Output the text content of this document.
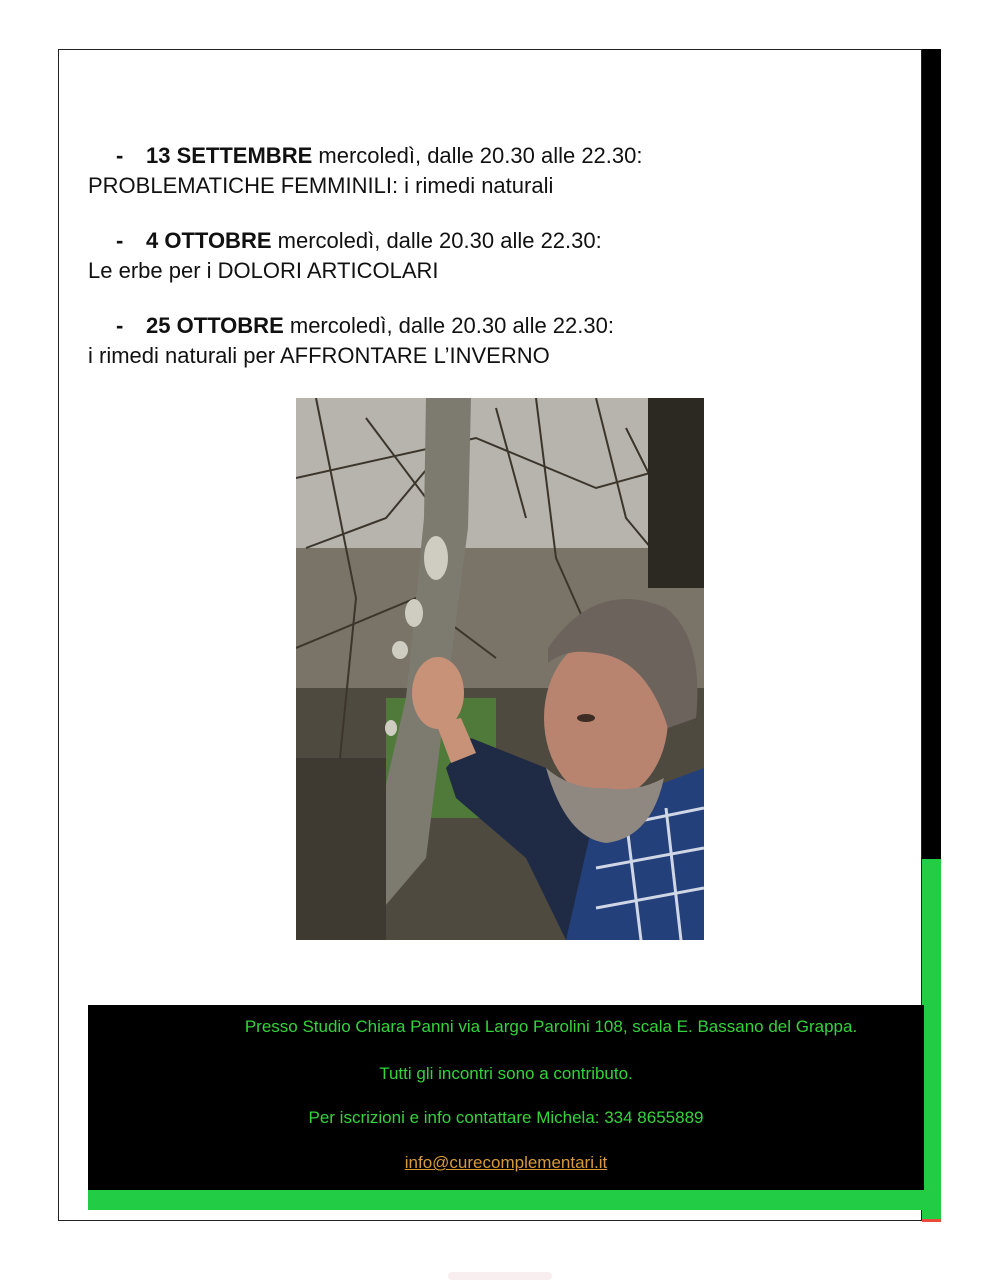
- 13 SETTEMBRE mercoledì, dalle 20.30 alle 22.30:
PROBLEMATICHE FEMMINILI: i rimedi naturali
- 4 OTTOBRE mercoledì, dalle 20.30 alle 22.30:
Le erbe per i DOLORI ARTICOLARI
- 25 OTTOBRE mercoledì, dalle 20.30 alle 22.30:
i rimedi naturali per AFFRONTARE L’INVERNO

Presso Studio Chiara Panni via Largo Parolini 108, scala E. Bassano del Grappa.

Tutti gli incontri sono a contributo.

Per iscrizioni e info contattare Michela: 334 8655889

info@curecomplementari.it
